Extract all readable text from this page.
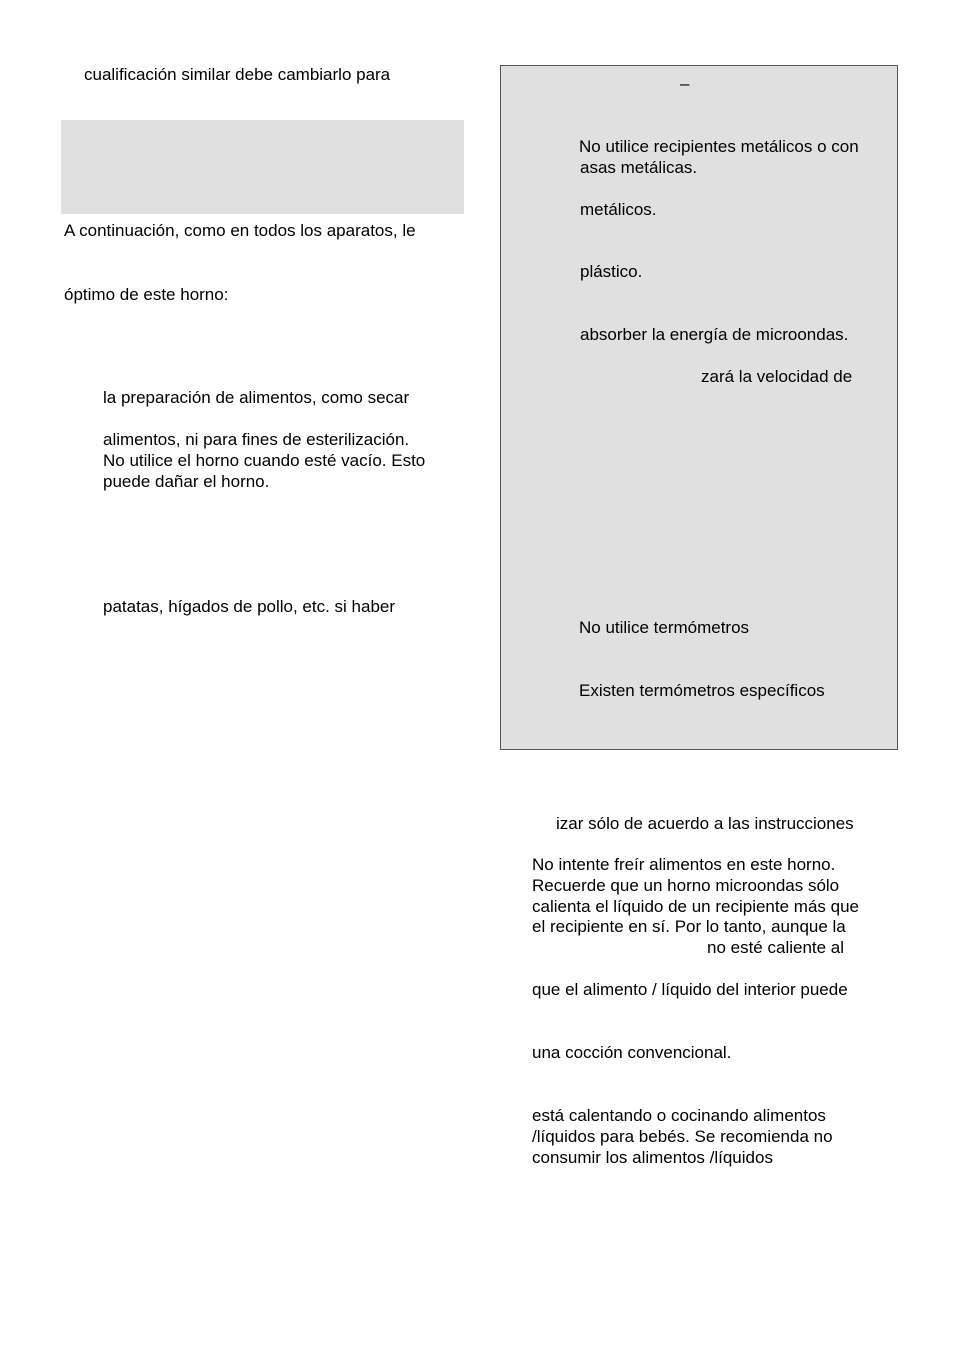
cualificación similar debe cambiarlo para
A continuación, como en todos los aparatos, le
óptimo de este horno:
la preparación de alimentos, como secar
alimentos, ni para fines de esterilización.
No utilice el horno cuando esté vacío. Esto
puede dañar el horno.
patatas, hígados de pollo, etc. si haber
–
No utilice recipientes metálicos o con
asas metálicas.
metálicos.
plástico.
absorber la energía de microondas.
zará la velocidad de
No utilice termómetros
Existen termómetros específicos
izar sólo de acuerdo a las instrucciones
No intente freír alimentos en este horno.
Recuerde que un horno microondas sólo
calienta el líquido de un recipiente más que
el recipiente en sí. Por lo tanto, aunque la
no esté caliente al
que el alimento / líquido del interior puede
una cocción convencional.
está calentando o cocinando alimentos
/líquidos para bebés. Se recomienda no
consumir los alimentos /líquidos
